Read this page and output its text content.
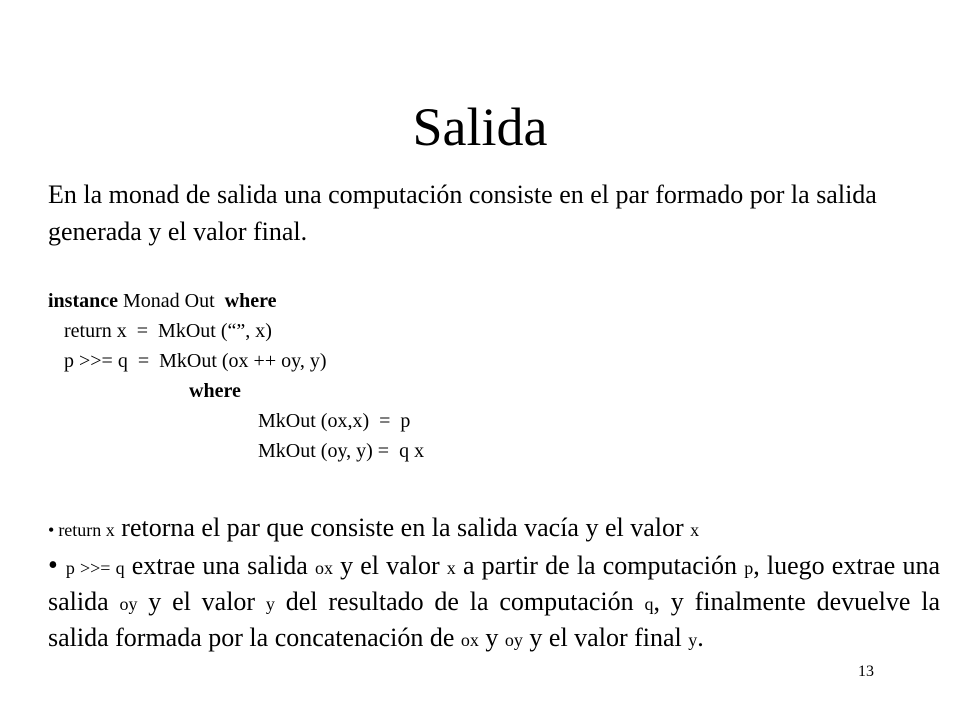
Salida

En la monad de salida una computación consiste en el par formado por la salida generada y el valor final.

instance Monad Out  where
return x  =  MkOut (“”, x)
p >>= q  =  MkOut (ox ++ oy, y)
where
MkOut (ox,x)  =  p
MkOut (oy, y) =  q x
• return x retorna el par que consiste en la salida vacía y el valor x
• p >>= q extrae una salida ox y el valor x a partir de la computación p, luego extrae una salida oy y el valor y del resultado de la computación q, y finalmente devuelve la salida formada por la concatenación de ox y oy y el valor final y.
13
